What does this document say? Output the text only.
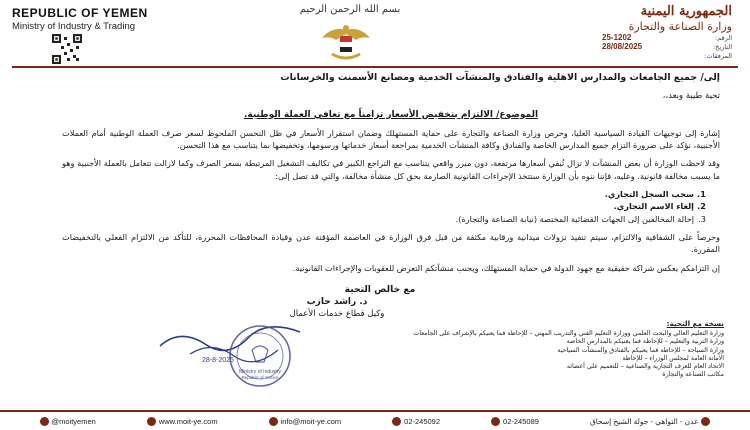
REPUBLIC OF YEMEN
Ministry of Industry & Trading
بسم الله الرحمن الرحيم	الجمهورية اليمنية
وزارة الصناعة والتجارة
الرقم:
25-1202
التاريخ:
28/08/2025
المرفقات:
إلى/ جميع الجامعات والمدارس الاهلية والفنادق والمنشآت الخدمية ومصانع الأسمنت والخرسانات
تحية طيبة وبعد،،
الموضوع/ الالتزام بتخفيض الأسعار تزامناً مع تعافي العملة الوطنية.
إشارة إلى توجيهات القيادة السياسية العليا، وحرص وزارة الصناعة والتجارة على حماية المستهلك وضمان استقرار الأسعار في ظل التحسن الملحوظ لسعر صرف العملة الوطنية أمام العملات الأجنبية، نؤكد على ضرورة التزام جميع المدارس الخاصة والفنادق وكافة المنشآت الخدمية بمراجعة أسعار خدماتها ورسومها، وتخفيضها بما يتناسب مع هذا التحسن.
وقد لاحظت الوزارة أن بعض المنشآت لا تزال تُبقي أسعارها مرتفعة، دون مبرر واقعي يتناسب مع التراجع الكبير في تكاليف التشغيل المرتبطة بسعر الصرف وكما لازالت تتعامل بالعملة الأجنبية وهو ما يسبب مخالفة قانونية. وعليه، فإننا ننوه بأن الوزارة ستتخذ الإجراءات القانونية الصارمة بحق كل منشأة مخالفة، والتي قد تصل إلى:
1.سحب السجل التجاري.
2.إلغاء الاسم التجاري.
3.إحالة المخالفين إلى الجهات القضائية المختصة (نيابة الصناعة والتجارة).
وحرصاً على الشفافية والالتزام، سيتم تنفيذ نزولات ميدانية ورقابية مكثفة من قبل فرق الوزارة في العاصمة المؤقتة عدن وقيادة المحافظات المحررة، للتأكد من الالتزام الفعلي بالتخفيضات المقررة.
إن التزامكم يعكس شراكة حقيقية مع جهود الدولة في حماية المستهلك، ويجنب منشآتكم التعرض للعقوبات والإجراءات القانونية.
مع خالص التحية
د. راشد حازب
وكيل قطاع خدمات الأعمال
Ministry of Industry
Republic of Yemen
28-8-2025
نسخة مع التحية:
وزارة التعليم العالي والبحث العلمي ووزارة التعليم الفني والتدريب المهني – للإحاطة فما يعنيكم بالإشراف على الجامعات
وزارة التربية والتعليم – للإحاطة فما يعنيكم بالمدارس الخاصة
وزارة السياحة – للإحاطة فما يعنيكم بالفنادق والمنشآت السياحية
الأمانة العامة لمجلس الوزراء – للإحاطة
الاتحاد العام للغرف التجارية والصناعية – للتعميم على أعضائه
مكاتب الصناعة والتجارة
@moityemen	www.moit-ye.com	info@moit-ye.com	02-245092	02-245089	عدن - التواهي - جولة الشيخ إسحاق
